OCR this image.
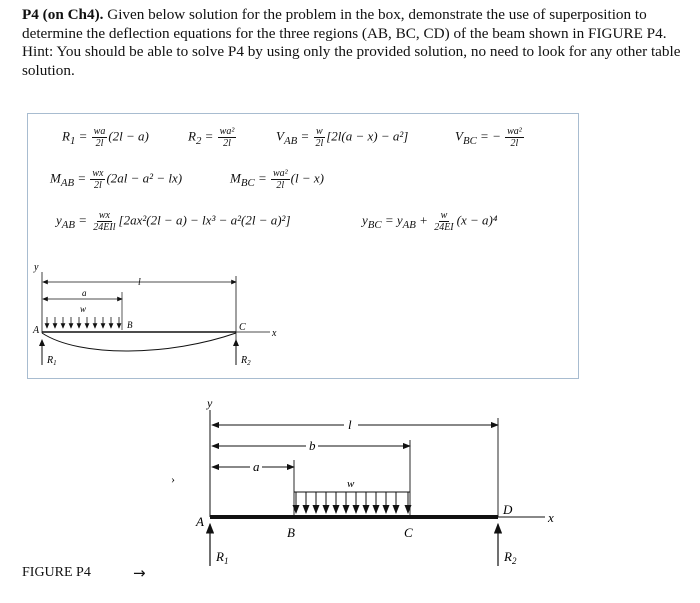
P4 (on Ch4). Given below solution for the problem in the box, demonstrate the use of superposition to determine the deflection equations for the three regions (AB, BC, CD) of the beam shown in FIGURE P4.

Hint: You should be able to solve P4 by using only the provided solution, no need to look for any other table solution.

$R_1 = \frac{wa}{2l} (2l - a)$	$R_2 = \frac{\text{wa²}}{2l}$	$V_{AB} = \frac{w}{2l} [2l(a - x) - a^2]$	$V_{BC}$ = − $\frac{\text{wa²}}{2l}$
$M_{AB} = \frac{wx}{2l} (2al - a^2 - lx)$	$M_{BC} = \frac{\text{wa²}}{2l} (l - x)$
$y_{AB} = \frac{wx}{\text{24EIl}} [2ax^2(2l - a) - lx^3 - a^2(2l - a)^2]$	$y_{BC} = y_{AB} + \frac{w}{24EI} (x - a)^4$
y
l
a
w
A	B	C
x
$R_1$	$R_2$
y
l
b
a
w
x
A
B	C
D
$R_1$	$R_2$
›
FIGURE P4	→
